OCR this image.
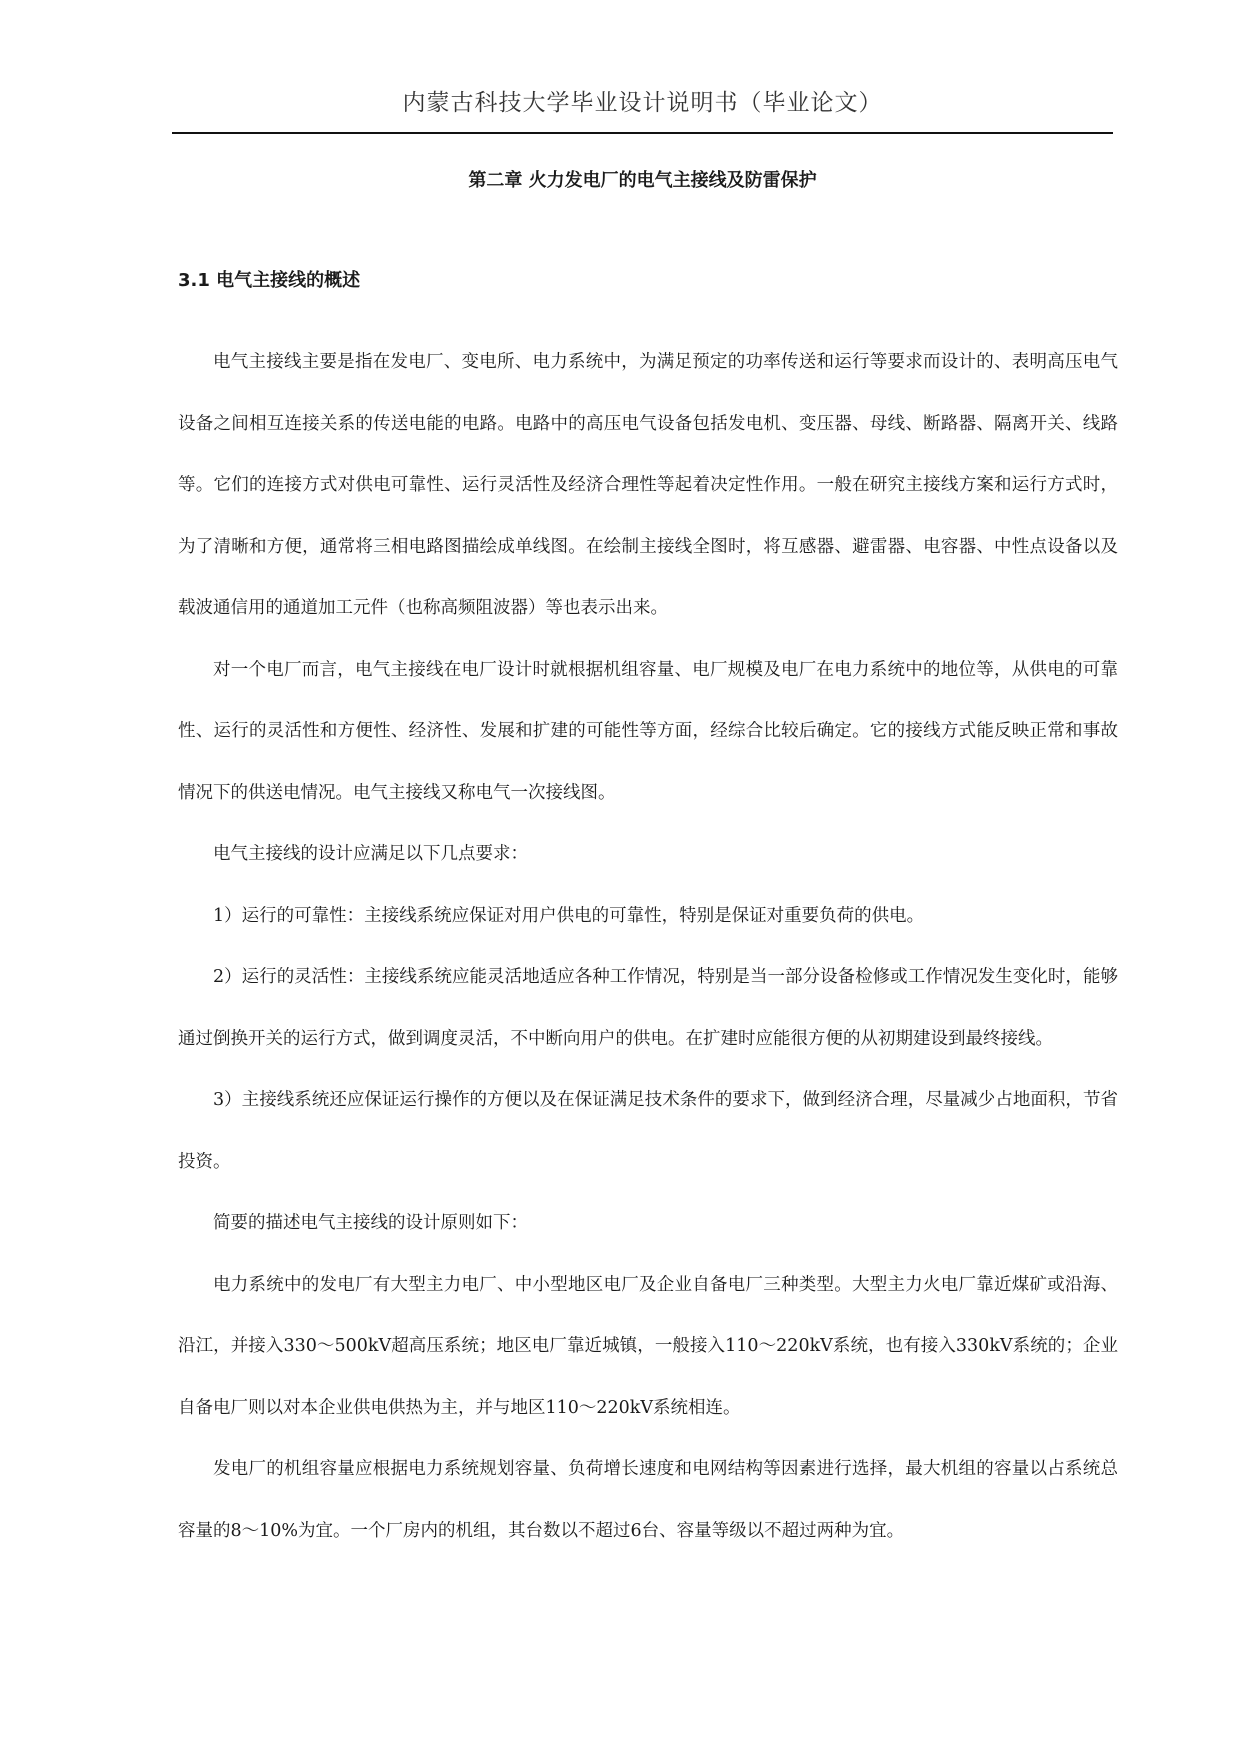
内蒙古科技大学毕业设计说明书（毕业论文）
第二章 火力发电厂的电气主接线及防雷保护
3.1 电气主接线的概述

电气主接线主要是指在发电厂、变电所、电力系统中，为满足预定的功率传送和运行等要求而设计的、表明高压电气设备之间相互连接关系的传送电能的电路。电路中的高压电气设备包括发电机、变压器、母线、断路器、隔离开关、线路等。它们的连接方式对供电可靠性、运行灵活性及经济合理性等起着决定性作用。一般在研究主接线方案和运行方式时，为了清晰和方便，通常将三相电路图描绘成单线图。在绘制主接线全图时，将互感器、避雷器、电容器、中性点设备以及载波通信用的通道加工元件（也称高频阻波器）等也表示出来。

对一个电厂而言，电气主接线在电厂设计时就根据机组容量、电厂规模及电厂在电力系统中的地位等，从供电的可靠性、运行的灵活性和方便性、经济性、发展和扩建的可能性等方面，经综合比较后确定。它的接线方式能反映正常和事故情况下的供送电情况。电气主接线又称电气一次接线图。

电气主接线的设计应满足以下几点要求：

1）运行的可靠性：主接线系统应保证对用户供电的可靠性，特别是保证对重要负荷的供电。

2）运行的灵活性：主接线系统应能灵活地适应各种工作情况，特别是当一部分设备检修或工作情况发生变化时，能够通过倒换开关的运行方式，做到调度灵活，不中断向用户的供电。在扩建时应能很方便的从初期建设到最终接线。

3）主接线系统还应保证运行操作的方便以及在保证满足技术条件的要求下，做到经济合理，尽量减少占地面积，节省投资。

简要的描述电气主接线的设计原则如下：

电力系统中的发电厂有大型主力电厂、中小型地区电厂及企业自备电厂三种类型。大型主力火电厂靠近煤矿或沿海、沿江，并接入330～500kV超高压系统；地区电厂靠近城镇，一般接入110～220kV系统，也有接入330kV系统的；企业自备电厂则以对本企业供电供热为主，并与地区110～220kV系统相连。

发电厂的机组容量应根据电力系统规划容量、负荷增长速度和电网结构等因素进行选择，最大机组的容量以占系统总容量的8～10%为宜。一个厂房内的机组，其台数以不超过6台、容量等级以不超过两种为宜。
